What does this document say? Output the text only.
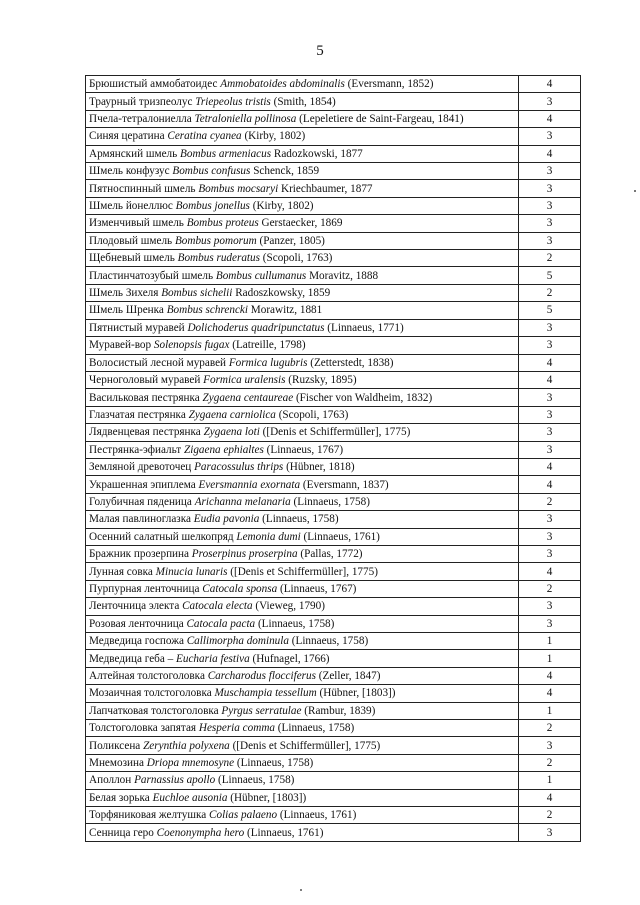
5
Брюшистый аммобатоидес Ammobatoides abdominalis (Eversmann, 1852)	4
Траурный тризпеолус Triepeolus tristis (Smith, 1854)	3
Пчела-тетралониелла Tetraloniella pollinosa (Lepeletiere de Saint-Fargeau, 1841)	4
Синяя цератина Ceratina cyanea (Kirby, 1802)	3
Армянский шмель Bombus armeniacus Radozkowski, 1877	4
Шмель конфузус Bombus confusus Schenck, 1859	3
Пятноспинный шмель Bombus mocsaryi Kriechbaumer, 1877	3
Шмель йонеллюс Bombus jonellus (Kirby, 1802)	3
Изменчивый шмель Bombus proteus Gerstaecker, 1869	3
Плодовый шмель Bombus pomorum (Panzer, 1805)	3
Щебневый шмель Bombus ruderatus (Scopoli, 1763)	2
Пластинчатозубый шмель Bombus cullumanus Moravitz, 1888	5
Шмель Зихеля Bombus sichelii Radoszkowsky, 1859	2
Шмель Шренка Bombus schrencki Morawitz, 1881	5
Пятнистый муравей Dolichoderus quadripunctatus (Linnaeus, 1771)	3
Муравей-вор Solenopsis fugax (Latreille, 1798)	3
Волосистый лесной муравей Formica lugubris (Zetterstedt, 1838)	4
Черноголовый муравей Formica uralensis (Ruzsky, 1895)	4
Васильковая пестрянка Zygaena centaureae (Fischer von Waldheim, 1832)	3
Глазчатая пестрянка Zygaena carniolica (Scopoli, 1763)	3
Лядвенцевая пестрянка Zygaena loti ([Denis et Schiffermüller], 1775)	3
Пестрянка-эфиальт Zigaena ephialtes (Linnaeus, 1767)	3
Земляной древоточец Paracossulus thrips (Hübner, 1818)	4
Украшенная эпиплема Eversmannia exornata (Eversmann, 1837)	4
Голубичная пяденица Arichanna melanaria (Linnaeus, 1758)	2
Малая павлиноглазка Eudia pavonia (Linnaeus, 1758)	3
Осенний салатный шелкопряд Lemonia dumi (Linnaeus, 1761)	3
Бражник прозерпина Proserpinus proserpina (Pallas, 1772)	3
Лунная совка Minucia lunaris ([Denis et Schiffermüller], 1775)	4
Пурпурная ленточница Catocala sponsa (Linnaeus, 1767)	2
Ленточница электа Catocala electa (Vieweg, 1790)	3
Розовая ленточница Catocala pacta (Linnaeus, 1758)	3
Медведица госпожа Callimorpha dominula (Linnaeus, 1758)	1
Медведица геба – Eucharia festiva (Hufnagel, 1766)	1
Алтейная толстоголовка Carcharodus flocciferus (Zeller, 1847)	4
Мозаичная толстоголовка Muschampia tessellum (Hübner, [1803])	4
Лапчатковая толстоголовка Pyrgus serratulae (Rambur, 1839)	1
Толстоголовка запятая Hesperia comma (Linnaeus, 1758)	2
Поликсена Zerynthia polyxena ([Denis et Schiffermüller], 1775)	3
Мнемозина Driopa mnemosyne (Linnaeus, 1758)	2
Аполлон Parnassius apollo (Linnaeus, 1758)	1
Белая зорька Euchloe ausonia (Hübner, [1803])	4
Торфяниковая желтушка Colias palaeno (Linnaeus, 1761)	2
Сенница геро Coenonympha hero (Linnaeus, 1761)	3
